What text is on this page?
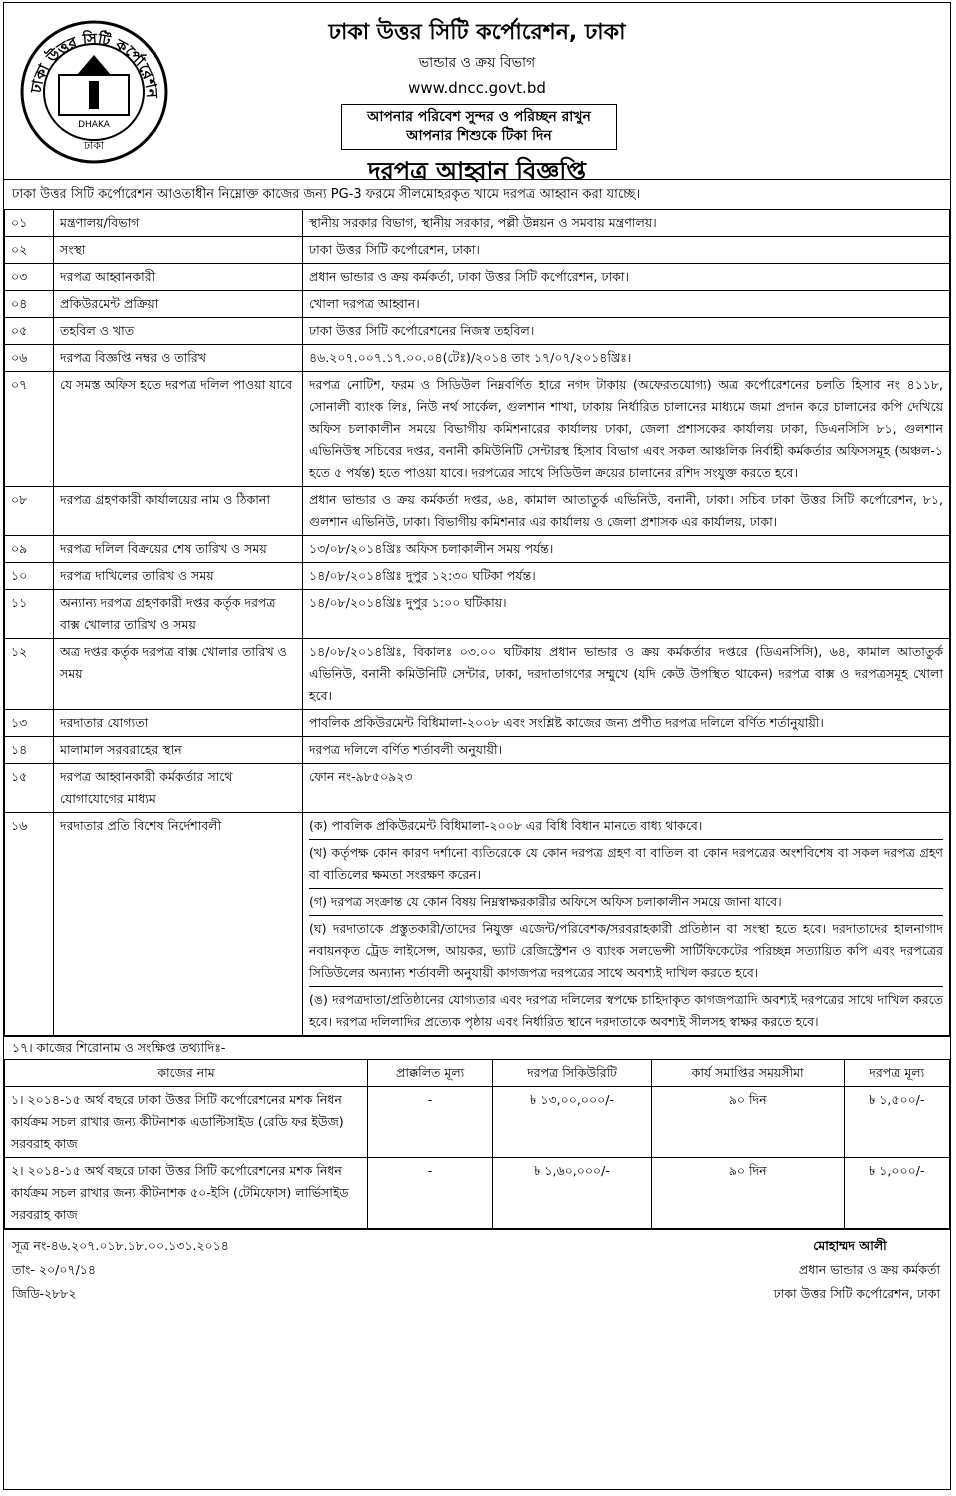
ঢাকা উত্তর সিটি কর্পোরেশন
DHAKA
ঢাকা
ঢাকা উত্তর সিটি কর্পোরেশন, ঢাকা
ভান্ডার ও ক্রয় বিভাগ
www.dncc.govt.bd
আপনার পরিবেশ সুন্দর ও পরিচ্ছন রাখুন
আপনার শিশুকে টিকা দিন
দরপত্র আহ্বান বিজ্ঞপ্তি
ঢাকা উত্তর সিটি কর্পোরেশন আওতাধীন নিম্নোক্ত কাজের জন্য PG-3 ফরমে সীলমোহরকৃত খামে দরপত্র আহ্বান করা যাচ্ছে।
০১	মন্ত্রণালয়/বিভাগ	স্থানীয় সরকার বিভাগ, স্থানীয় সরকার, পল্লী উন্নয়ন ও সমবায় মন্ত্রণালয়।
০২	সংস্থা	ঢাকা উত্তর সিটি কর্পোরেশন, ঢাকা।
০৩	দরপত্র আহ্বানকারী	প্রধান ভান্ডার ও ক্রয় কর্মকর্তা, ঢাকা উত্তর সিটি কর্পোরেশন, ঢাকা।
০৪	প্রকিউরমেন্ট প্রক্রিয়া	খোলা দরপত্র আহ্বান।
০৫	তহবিল ও খাত	ঢাকা উত্তর সিটি কর্পোরেশনের নিজস্ব তহবিল।
০৬	দরপত্র বিজ্ঞপ্তি নম্বর ও তারিখ	৪৬.২০৭.০০৭.১৭.০০.০৪(টেঃ)/২০১৪ তাং ১৭/০৭/২০১৪খ্রিঃ।
০৭	যে সমস্ত অফিস হতে দরপত্র দলিল পাওয়া যাবে	দরপত্র নোটিশ, ফরম ও সিডিউল নিম্নবর্ণিত হারে নগদ টাকায় (অফেরতযোগ্য) অত্র কর্পোরেশনের চলতি হিসাব নং ৪১১৮, সোনালী ব্যাংক লিঃ, নিউ নর্থ সার্কেল, গুলশান শাখা, ঢাকায় নির্ধারিত চালানের মাধ্যমে জমা প্রদান করে চালানের কপি দেখিয়ে অফিস চলাকালীন সময়ে বিভাগীয় কমিশনারের কার্যালয় ঢাকা, জেলা প্রশাসকের কার্যালয় ঢাকা, ডিএনসিসি ৮১, গুলশান এভিনিউস্থ সচিবের দপ্তর, বনানী কমিউনিটি সেন্টারস্থ হিসাব বিভাগ এবং সকল আঞ্চলিক নির্বাহী কর্মকর্তার অফিসসমূহ (অঞ্চল-১ হতে ৫ পর্যন্ত) হতে পাওয়া যাবে। দরপত্রের সাথে সিডিউল ক্রয়ের চালানের রশিদ সংযুক্ত করতে হবে।
০৮	দরপত্র গ্রহণকারী কার্যালয়ের নাম ও ঠিকানা	প্রধান ভান্ডার ও ক্রয় কর্মকর্তা দপ্তর, ৬৪, কামাল আতাতুর্ক এভিনিউ, বনানী, ঢাকা। সচিব ঢাকা উত্তর সিটি কর্পোরেশন, ৮১, গুলশান এভিনিউ, ঢাকা। বিভাগীয় কমিশনার এর কার্যালয় ও জেলা প্রশাসক এর কার্যালয়, ঢাকা।
০৯	দরপত্র দলিল বিক্রয়ের শেষ তারিখ ও সময়	১৩/০৮/২০১৪খ্রিঃ অফিস চলাকালীন সময় পর্যন্ত।
১০	দরপত্র দাখিলের তারিখ ও সময়	১৪/০৮/২০১৪খ্রিঃ দুপুর ১২:৩০ ঘটিকা পর্যন্ত।
১১	অন্যান্য দরপত্র গ্রহণকারী দপ্তর কর্তৃক দরপত্র বাক্স খোলার তারিখ ও সময়	১৪/০৮/২০১৪খ্রিঃ দুপুর ১:০০ ঘটিকায়।
১২	অত্র দপ্তর কর্তৃক দরপত্র বাক্স খোলার তারিখ ও সময়	১৪/০৮/২০১৪খ্রিঃ, বিকালঃ ০৩.০০ ঘটিকায় প্রধান ভান্ডার ও ক্রয় কর্মকর্তার দপ্তরে (ডিএনসিসি), ৬৪, কামাল আতাতুর্ক এভিনিউ, বনানী কমিউনিটি সেন্টার, ঢাকা, দরদাতাগণের সম্মুখে (যদি কেউ উপস্থিত থাকেন) দরপত্র বাক্স ও দরপত্রসমূহ খোলা হবে।
১৩	দরদাতার যোগ্যতা	পাবলিক প্রকিউরমেন্ট বিধিমালা-২০০৮ এবং সংশ্লিষ্ট কাজের জন্য প্রণীত দরপত্র দলিলে বর্ণিত শর্তানুযায়ী।
১৪	মালামাল সরবরাহের স্থান	দরপত্র দলিলে বর্ণিত শর্তাবলী অনুযায়ী।
১৫	দরপত্র আহ্বানকারী কর্মকর্তার সাথে যোগাযোগের মাধ্যম	ফোন নং-৯৮৫০৯২৩
১৬	দরদাতার প্রতি বিশেষ নির্দেশাবলী	(ক) পাবলিক প্রকিউরমেন্ট বিধিমালা-২০০৮ এর বিধি বিধান মানতে বাধ্য থাকবে।
(খ) কর্তৃপক্ষ কোন কারণ দর্শানো ব্যতিরেকে যে কোন দরপত্র গ্রহণ বা বাতিল বা কোন দরপত্রের অংশবিশেষ বা সকল দরপত্র গ্রহণ বা বাতিলের ক্ষমতা সংরক্ষণ করেন।
(গ) দরপত্র সংক্রান্ত যে কোন বিষয় নিম্নস্বাক্ষরকারীর অফিসে অফিস চলাকালীন সময়ে জানা যাবে।
(ঘ) দরদাতাকে প্রস্তুতকারী/তাদের নিযুক্ত এজেন্ট/পরিবেশক/সরবরাহকারী প্রতিষ্ঠান বা সংস্থা হতে হবে। দরদাতাদের হালনাগাদ নবায়নকৃত ট্রেড লাইসেন্স, আয়কর, ভ্যাট রেজিস্ট্রেশন ও ব্যাংক সলভেন্সী সার্টিফিকেটের পরিচ্ছন্ন সত্যায়িত কপি এবং দরপত্রের সিডিউলের অন্যান্য শর্তাবলী অনুযায়ী কাগজপত্র দরপত্রের সাথে অবশ্যই দাখিল করতে হবে।
(ঙ) দরপত্রদাতা/প্রতিষ্ঠানের যোগ্যতার এবং দরপত্র দলিলের স্বপক্ষে চাহিদাকৃত কাগজপত্রাদি অবশ্যই দরপত্রের সাথে দাখিল করতে হবে। দরপত্র দলিলাদির প্রত্যেক পৃষ্ঠায় এবং নির্ধারিত স্থানে দরদাতাকে অবশ্যই সীলসহ স্বাক্ষর করতে হবে।
১৭। কাজের শিরোনাম ও সংক্ষিপ্ত তথ্যাদিঃ-
কাজের নাম	প্রাক্কলিত মূল্য	দরপত্র সিকিউরিটি	কার্য সমাপ্তির সময়সীমা	দরপত্র মূল্য
১। ২০১৪-১৫ অর্থ বছরে ঢাকা উত্তর সিটি কর্পোরেশনের মশক নিধন কার্যক্রম সচল রাখার জন্য কীটনাশক এডাল্টিসাইড (রেডি ফর ইউজ) সরবরাহ কাজ	-	৳ ১৩,০০,০০০/-	৯০ দিন	৳ ১,৫০০/-
২। ২০১৪-১৫ অর্থ বছরে ঢাকা উত্তর সিটি কর্পোরেশনের মশক নিধন কার্যক্রম সচল রাখার জন্য কীটনাশক ৫০-ইসি (টেমিফোস) লার্ভিসাইড সরবরাহ কাজ	-	৳ ১,৬০,০০০/-	৯০ দিন	৳ ১,০০০/-
সূত্র নং-৪৬.২০৭.০১৮.১৮.০০.১৩১.২০১৪
তাং- ২০/০৭/১৪
জিডি-২৮৮২
মোহাম্মদ আলী
প্রধান ভান্ডার ও ক্রয় কর্মকর্তা
ঢাকা উত্তর সিটি কর্পোরেশন, ঢাকা
